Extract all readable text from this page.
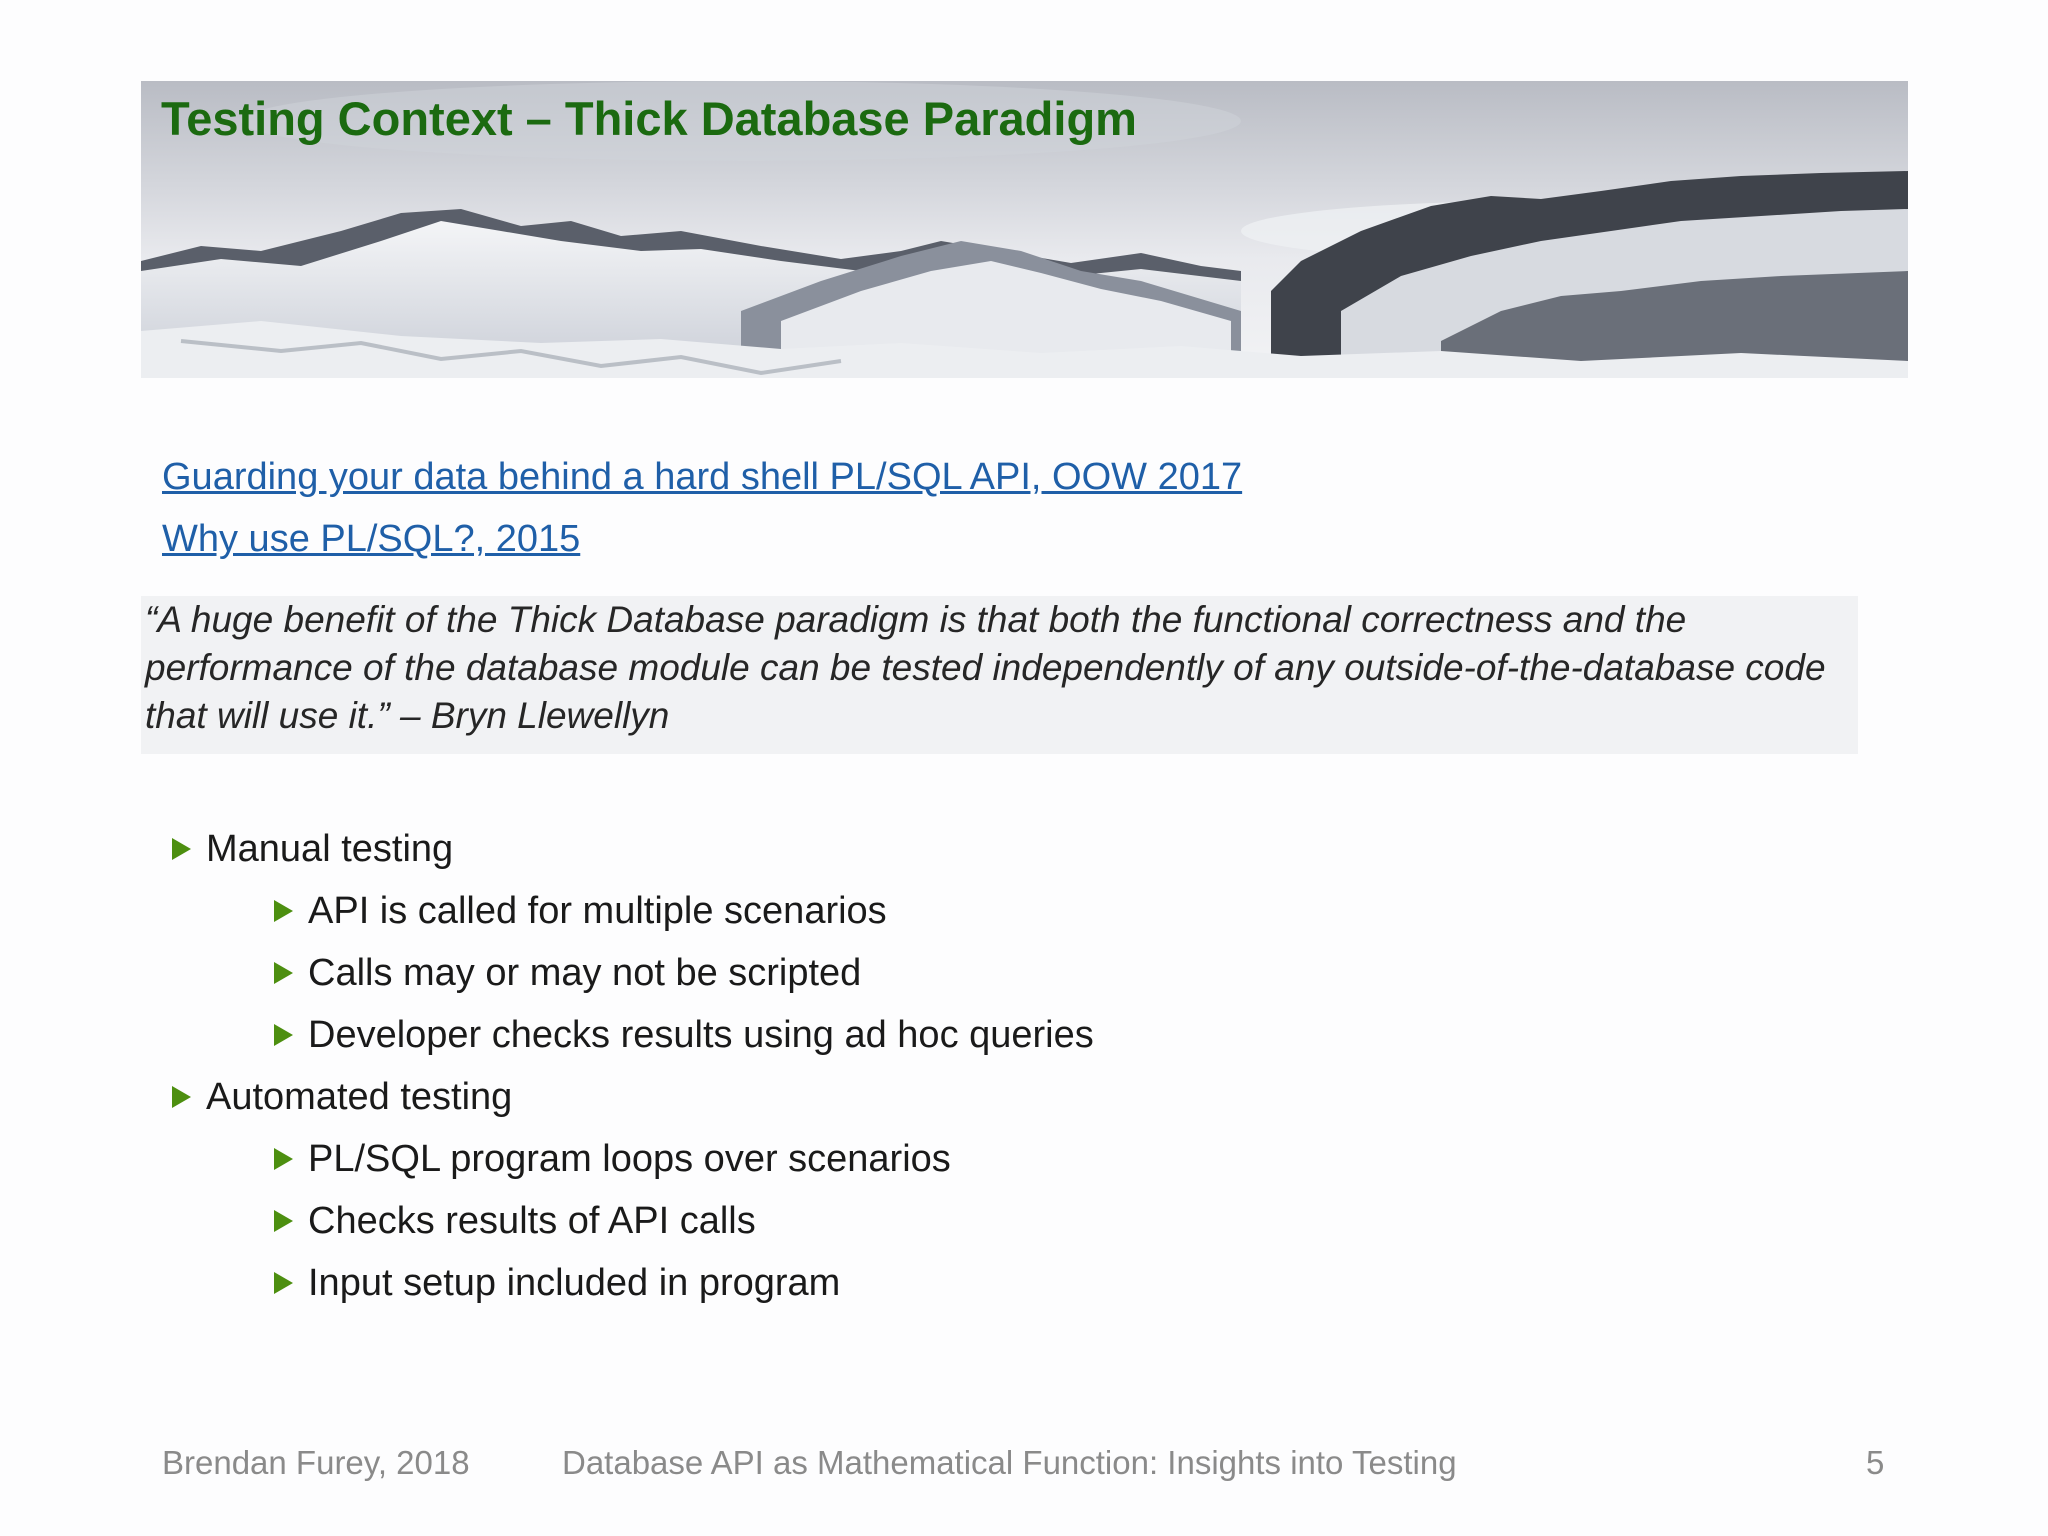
Testing Context – Thick Database Paradigm
Guarding your data behind a hard shell PL/SQL API, OOW 2017
Why use PL/SQL?, 2015

“A huge benefit of the Thick Database paradigm is that both the functional correctness and the performance of the database module can be tested independently of any outside-of-the-database code that will use it.” – Bryn Llewellyn

Manual testing
API is called for multiple scenarios
Calls may or may not be scripted
Developer checks results using ad hoc queries
Automated testing
PL/SQL program loops over scenarios
Checks results of API calls
Input setup included in program
Brendan Furey, 2018	Database API as Mathematical Function: Insights into Testing	5
